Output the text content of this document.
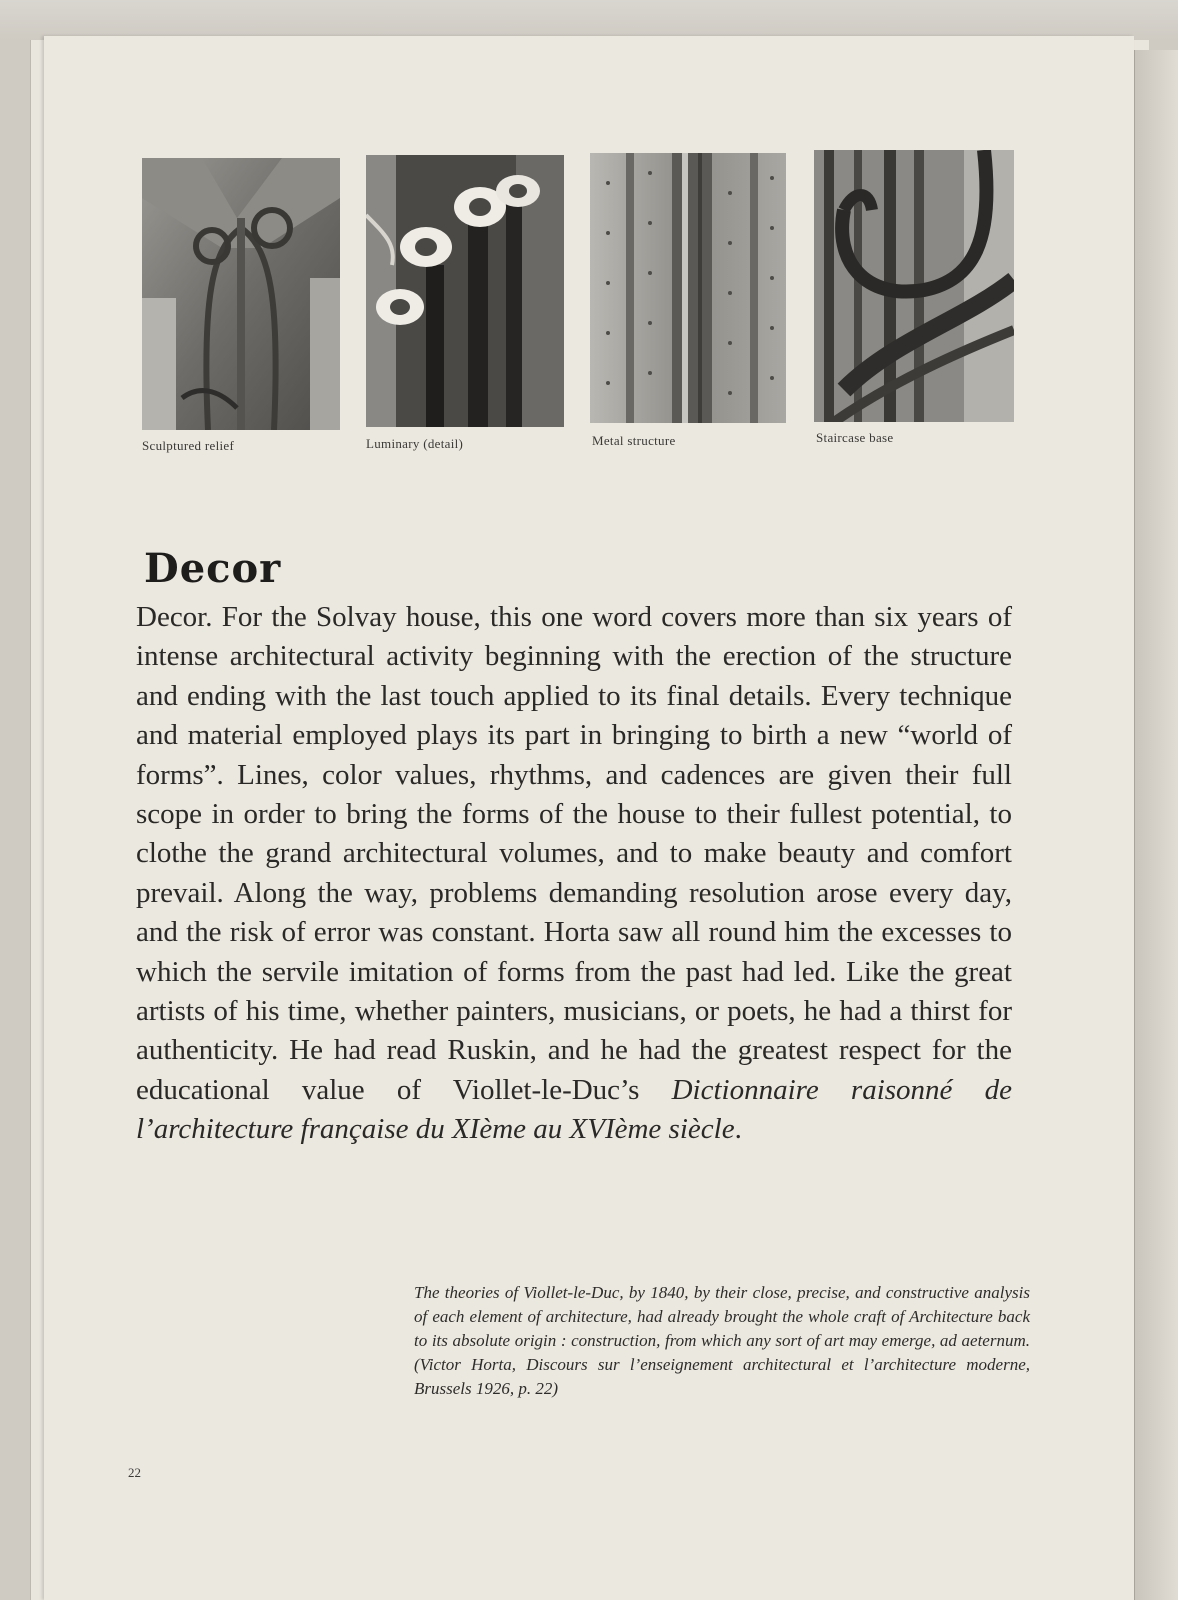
Sculptured relief	Luminary (detail)	Metal structure	Staircase base
Decor
Decor. For the Solvay house, this one word covers more than six years of intense architectural activity beginning with the erection of the structure and ending with the last touch applied to its final details. Every technique and material employed plays its part in bringing to birth a new “world of forms”. Lines, color values, rhythms, and cadences are given their full scope in order to bring the forms of the house to their fullest potential, to clothe the grand architectural volumes, and to make beauty and comfort prevail. Along the way, problems demanding resolution arose every day, and the risk of error was constant. Horta saw all round him the excesses to which the servile imitation of forms from the past had led. Like the great artists of his time, whether painters, musicians, or poets, he had a thirst for authenticity. He had read Ruskin, and he had the greatest respect for the educational value of Viollet-le-Duc’s Dictionnaire raisonné de l’architecture française du XIème au XVIème siècle.
The theories of Viollet-le-Duc, by 1840, by their close, precise, and constructive analysis of each element of architecture, had already brought the whole craft of Architecture back to its absolute origin : construction, from which any sort of art may emerge, ad aeternum. (Victor Horta, Discours sur l’enseignement architectural et l’architecture moderne, Brussels 1926, p. 22)
22
